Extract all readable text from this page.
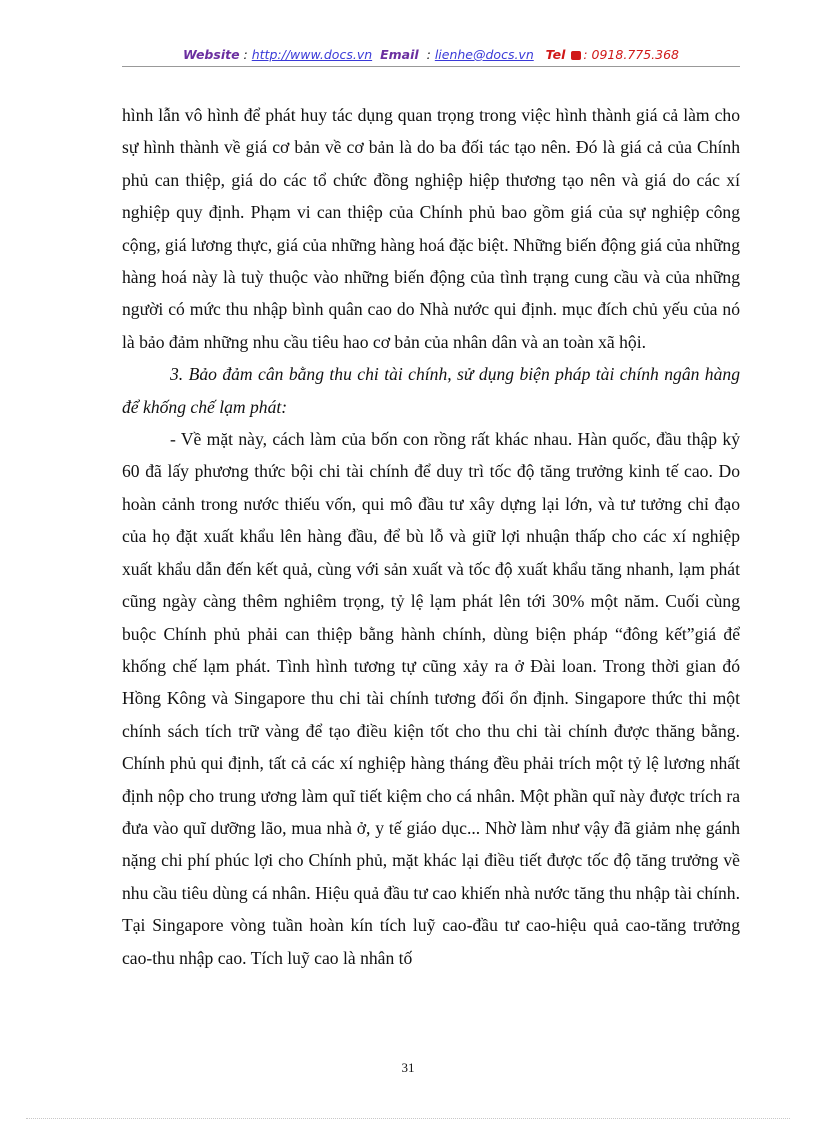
Website : http://www.docs.vn Email  : lienhe@docs.vn Tel : 0918.775.368

hình lẫn vô hình để phát huy tác dụng quan trọng trong việc hình thành giá cả làm cho sự hình thành về giá cơ bản về cơ bản là do ba đối tác tạo nên. Đó là giá cả của Chính phủ can thiệp, giá do các tổ chức đồng nghiệp hiệp thương tạo nên và giá do các xí nghiệp quy định. Phạm vi can thiệp của Chính phủ bao gồm giá của sự nghiệp công cộng, giá lương thực, giá của những hàng hoá đặc biệt. Những biến động giá của những hàng hoá này là tuỳ thuộc vào những biến động của tình trạng cung cầu và của những người có mức thu nhập bình quân cao do Nhà nước qui định. mục đích chủ yếu của nó là bảo đảm những nhu cầu tiêu hao cơ bản của nhân dân và an toàn xã hội.

3. Bảo đảm cân bằng thu chi tài chính, sử dụng biện pháp tài chính ngân hàng để khống chế lạm phát:

- Về mặt này, cách làm của bốn con rồng rất khác nhau. Hàn quốc, đầu thập kỷ 60 đã lấy phương thức bội chi tài chính để duy trì tốc độ tăng trưởng kinh tế cao. Do hoàn cảnh trong nước thiếu vốn, qui mô đầu tư xây dựng lại lớn, và tư tưởng chỉ đạo của họ đặt xuất khẩu lên hàng đầu, để bù lỗ và giữ lợi nhuận thấp cho các xí nghiệp xuất khẩu dẫn đến kết quả, cùng với sản xuất và tốc độ xuất khẩu tăng nhanh, lạm phát cũng ngày càng thêm nghiêm trọng, tỷ lệ lạm phát lên tới 30% một năm. Cuối cùng buộc Chính phủ phải can thiệp bằng hành chính, dùng biện pháp “đông kết”giá để khống chế lạm phát. Tình hình tương tự cũng xảy ra ở Đài loan. Trong thời gian đó Hồng Kông và Singapore thu chi tài chính tương đối ổn định. Singapore thức thi một chính sách tích trữ vàng để tạo điều kiện tốt cho thu chi tài chính được thăng bằng. Chính phủ qui định, tất cả các xí nghiệp hàng tháng đều phải trích một tỷ lệ lương nhất định nộp cho trung ương làm quĩ tiết kiệm cho cá nhân. Một phần quĩ này được trích ra đưa vào quĩ dưỡng lão, mua nhà ở, y tế giáo dục... Nhờ làm như vậy đã giảm nhẹ gánh nặng chi phí phúc lợi cho Chính phủ, mặt khác lại điều tiết được tốc độ tăng trưởng về nhu cầu tiêu dùng cá nhân. Hiệu quả đầu tư cao khiến nhà nước tăng thu nhập tài chính. Tại Singapore vòng tuần hoàn kín tích luỹ cao-đầu tư cao-hiệu quả cao-tăng trưởng cao-thu nhập cao. Tích luỹ cao là nhân tố

31
